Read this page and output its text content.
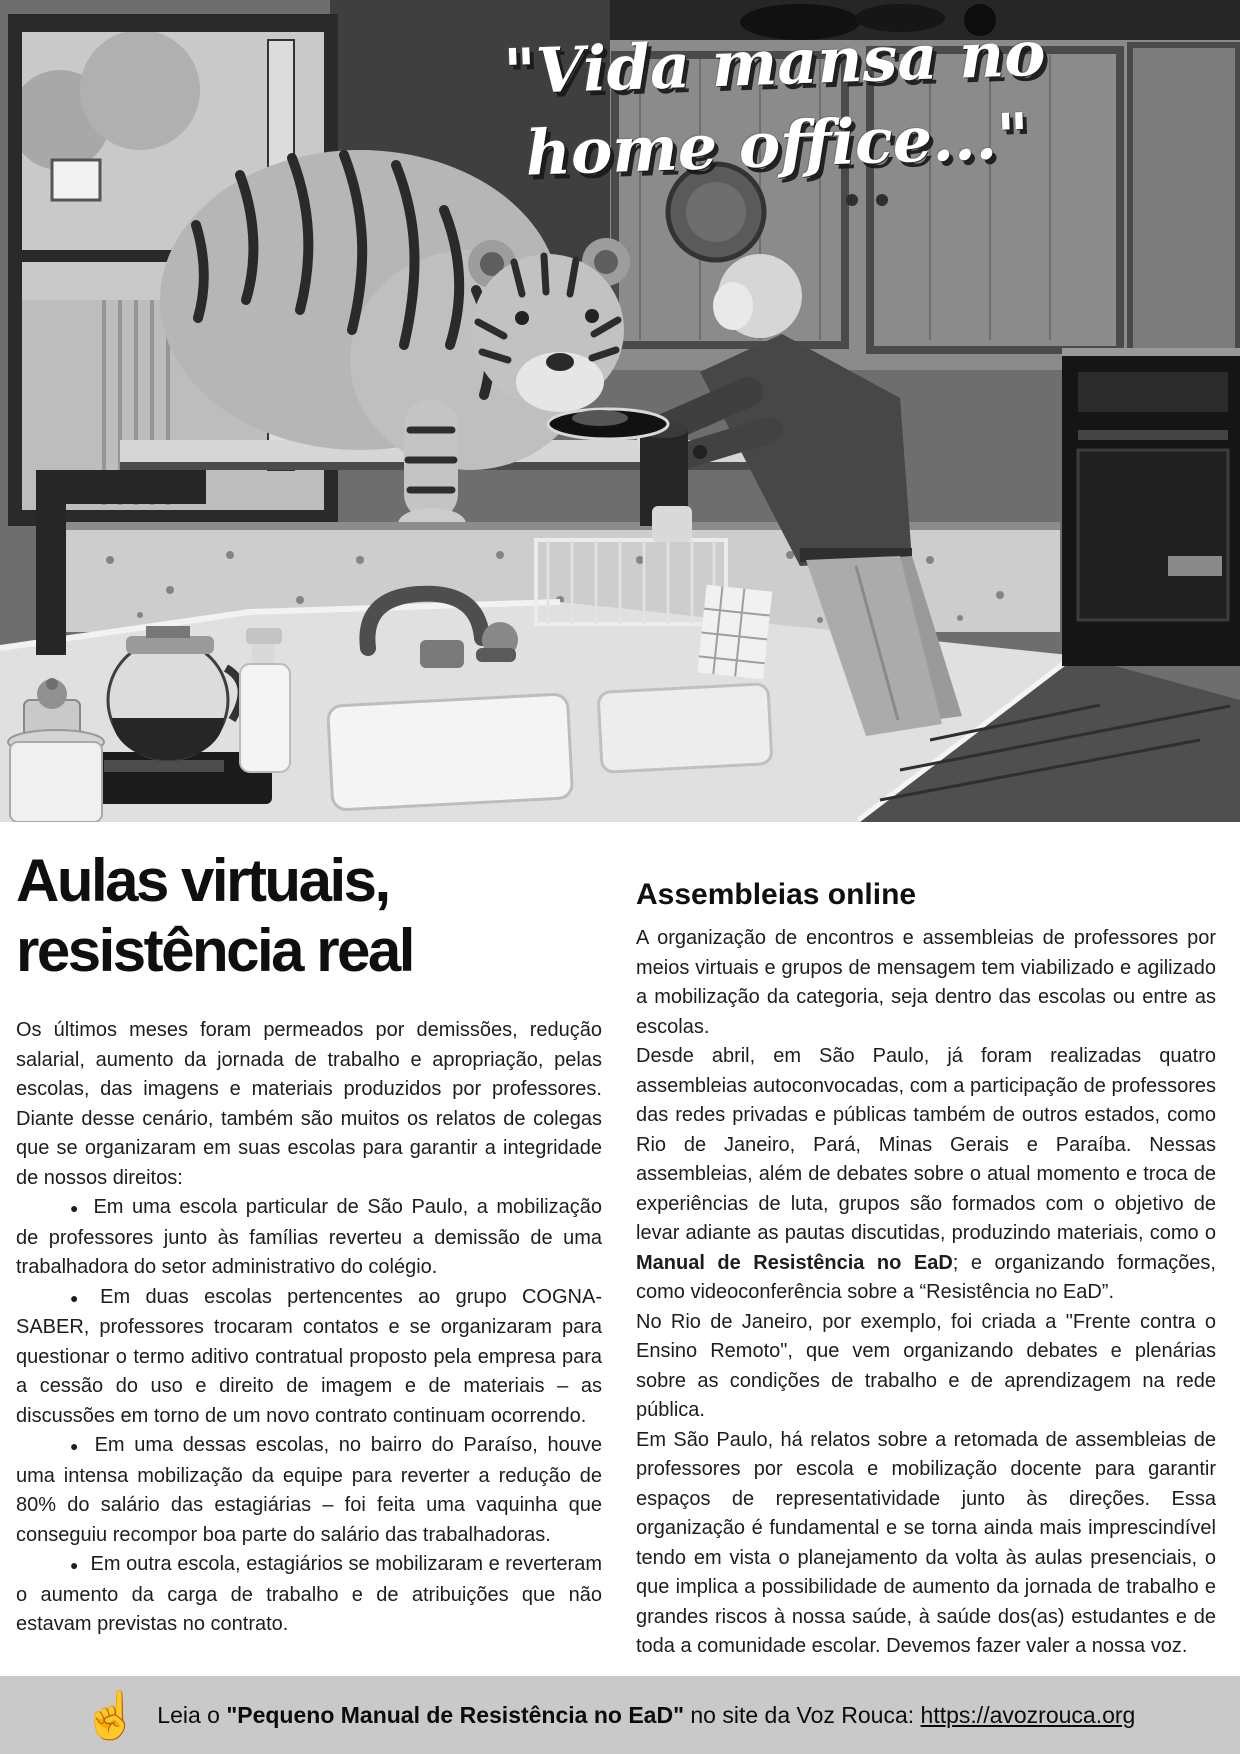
"Vida mansa no
home office..."
Aulas virtuais,
resistência real

Os últimos meses foram permeados por demissões, redução salarial, aumento da jornada de trabalho e apropriação, pelas escolas, das imagens e materiais produzidos por professores. Diante desse cenário, também são muitos os relatos de colegas que se organizaram em suas escolas para garantir a integridade de nossos direitos:

● Em uma escola particular de São Paulo, a mobilização de professores junto às famílias reverteu a demissão de uma trabalhadora do setor administrativo do colégio.

● Em duas escolas pertencentes ao grupo COGNA-SABER, professores trocaram contatos e se organizaram para questionar o termo aditivo contratual proposto pela empresa para a cessão do uso e direito de imagem e de materiais – as discussões em torno de um novo contrato continuam ocorrendo.

● Em uma dessas escolas, no bairro do Paraíso, houve uma intensa mobilização da equipe para reverter a redução de 80% do salário das estagiárias – foi feita uma vaquinha que conseguiu recompor boa parte do salário das trabalhadoras.

● Em outra escola, estagiários se mobilizaram e reverteram o aumento da carga de trabalho e de atribuições que não estavam previstas no contrato.

Assembleias online

A organização de encontros e assembleias de professores por meios virtuais e grupos de mensagem tem viabilizado e agilizado a mobilização da categoria, seja dentro das escolas ou entre as escolas.

Desde abril, em São Paulo, já foram realizadas quatro assembleias autoconvocadas, com a participação de professores das redes privadas e públicas também de outros estados, como Rio de Janeiro, Pará, Minas Gerais e Paraíba. Nessas assembleias, além de debates sobre o atual momento e troca de experiências de luta, grupos são formados com o objetivo de levar adiante as pautas discutidas, produzindo materiais, como o Manual de Resistência no EaD; e organizando formações, como videoconferência sobre a “Resistência no EaD”.

No Rio de Janeiro, por exemplo, foi criada a "Frente contra o Ensino Remoto", que vem organizando debates e plenárias sobre as condições de trabalho e de aprendizagem na rede pública.

Em São Paulo, há relatos sobre a retomada de assembleias de professores por escola e mobilização docente para garantir espaços de representatividade junto às direções. Essa organização é fundamental e se torna ainda mais imprescindível tendo em vista o planejamento da volta às aulas presenciais, o que implica a possibilidade de aumento da jornada de trabalho e grandes riscos à nossa saúde, à saúde dos(as) estudantes e de toda a comunidade escolar. Devemos fazer valer a nossa voz.

☝ Leia o "Pequeno Manual de Resistência no EaD" no site da Voz Rouca: https://avozrouca.org
